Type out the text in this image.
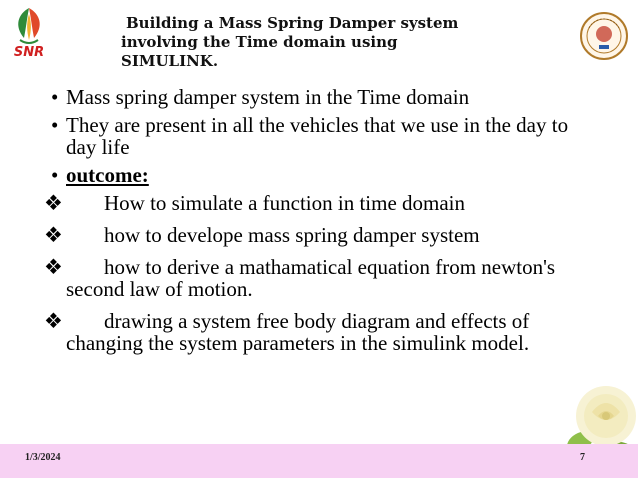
SNR
Building a Mass Spring Damper system
involving the Time domain using
SIMULINK.
• Mass spring damper system in the Time domain
• They are present in all the vehicles that we use in the day to day life
• outcome:
❖ How to simulate a function in time domain
❖ how to develope mass spring damper system
❖ how to derive a mathamatical equation from newton's second law of motion.
❖ drawing a system free body diagram and effects of changing the system parameters in the simulink model.
1/3/2024	7
